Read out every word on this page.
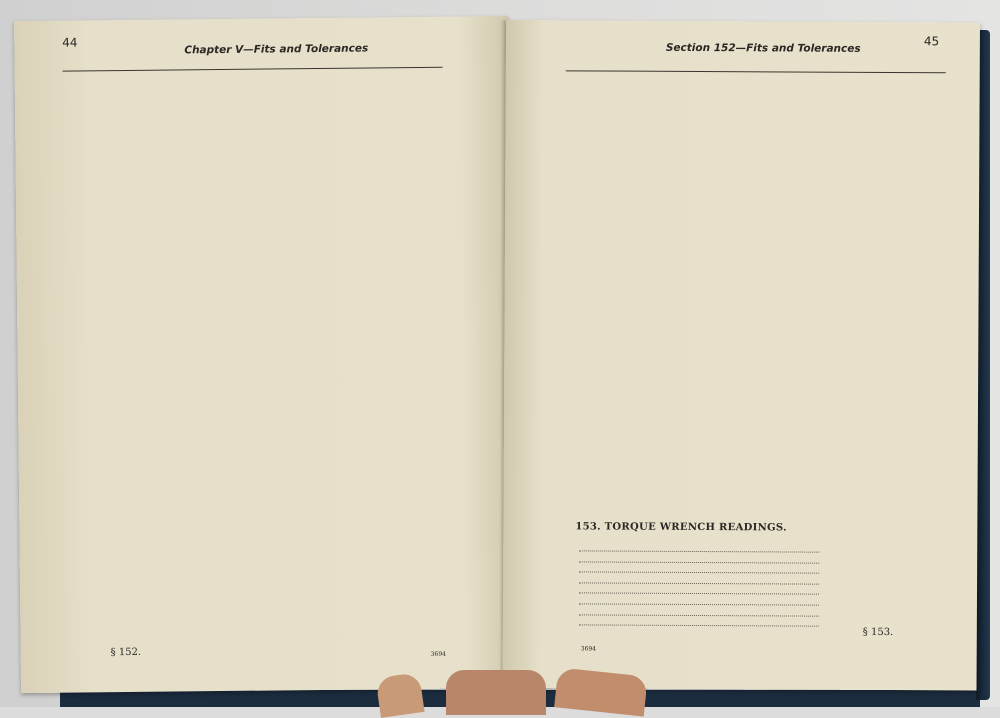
44	Chapter V—Fits and Tolerances
§ 152.	3694
Section 152—Fits and Tolerances
45
153. TORQUE WRENCH READINGS.
3694
§ 153.
